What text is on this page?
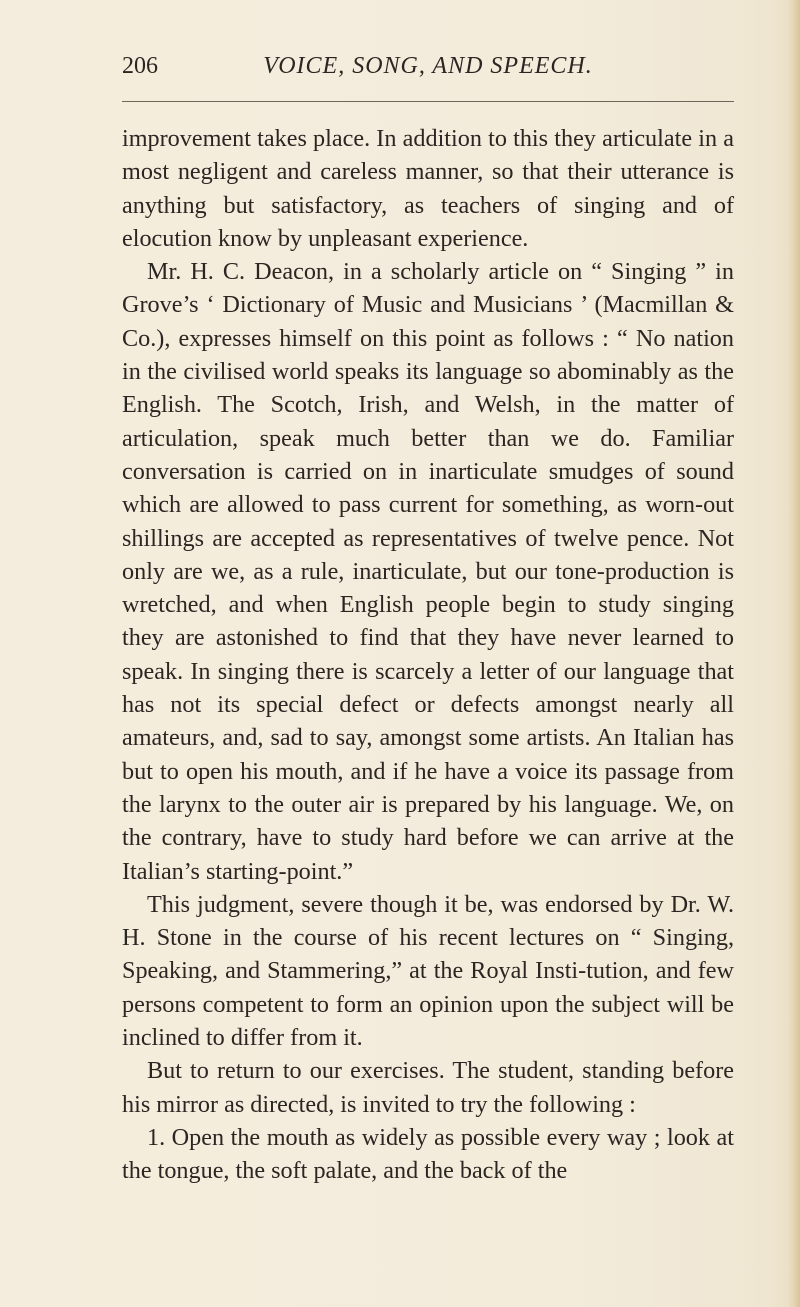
206	VOICE, SONG, AND SPEECH.

improvement takes place. In addition to this they articulate in a most negligent and careless manner, so that their utterance is anything but satisfactory, as teachers of singing and of elocution know by unpleasant experience.

Mr. H. C. Deacon, in a scholarly article on “ Singing ” in Grove’s ‘ Dictionary of Music and Musicians ’ (Macmillan & Co.), expresses himself on this point as follows : “ No nation in the civilised world speaks its language so abominably as the English. The Scotch, Irish, and Welsh, in the matter of articulation, speak much better than we do. Familiar conversation is carried on in inarticulate smudges of sound which are allowed to pass current for something, as worn-out shillings are accepted as representatives of twelve pence. Not only are we, as a rule, inarticulate, but our tone-production is wretched, and when English people begin to study singing they are astonished to find that they have never learned to speak. In singing there is scarcely a letter of our language that has not its special defect or defects amongst nearly all amateurs, and, sad to say, amongst some artists. An Italian has but to open his mouth, and if he have a voice its passage from the larynx to the outer air is prepared by his language. We, on the contrary, have to study hard before we can arrive at the Italian’s starting-point.”

This judgment, severe though it be, was endorsed by Dr. W. H. Stone in the course of his recent lectures on “ Singing, Speaking, and Stammering,” at the Royal Insti-tution, and few persons competent to form an opinion upon the subject will be inclined to differ from it.

But to return to our exercises. The student, standing before his mirror as directed, is invited to try the following :

1. Open the mouth as widely as possible every way ; look at the tongue, the soft palate, and the back of the
